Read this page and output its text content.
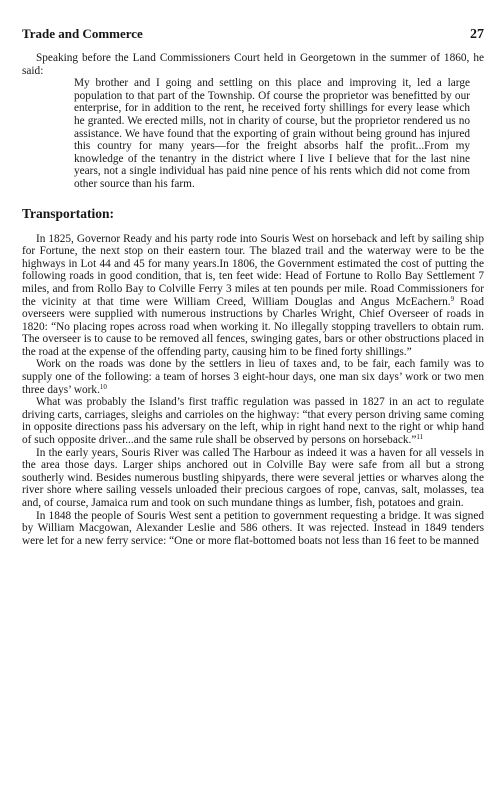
Trade and Commerce	27

Speaking before the Land Commissioners Court held in Georgetown in the summer of 1860, he said:

My brother and I going and settling on this place and improving it, led a large population to that part of the Township. Of course the proprietor was benefitted by our enterprise, for in addition to the rent, he received forty shillings for every lease which he granted. We erected mills, not in charity of course, but the proprietor rendered us no assistance. We have found that the exporting of grain without being ground has injured this country for many years—for the freight absorbs half the profit...From my knowledge of the tenantry in the district where I live I believe that for the last nine years, not a single individual has paid nine pence of his rents which did not come from other source than his farm.

Transportation:

In 1825, Governor Ready and his party rode into Souris West on horseback and left by sailing ship for Fortune, the next stop on their eastern tour. The blazed trail and the waterway were to be the highways in Lot 44 and 45 for many years.In 1806, the Government estimated the cost of putting the following roads in good condition, that is, ten feet wide: Head of Fortune to Rollo Bay Settlement 7 miles, and from Rollo Bay to Colville Ferry 3 miles at ten pounds per mile. Road Commissioners for the vicinity at that time were William Creed, William Douglas and Angus McEachern.$^9$ Road overseers were supplied with numerous instructions by Charles Wright, Chief Overseer of roads in 1820: “No placing ropes across road when working it. No illegally stopping travellers to obtain rum. The overseer is to cause to be removed all fences, swinging gates, bars or other obstructions placed in the road at the expense of the offending party, causing him to be fined forty shillings.”

Work on the roads was done by the settlers in lieu of taxes and, to be fair, each family was to supply one of the following: a team of horses 3 eight-hour days, one man six days’ work or two men three days’ work.$^{10}$

What was probably the Island’s first traffic regulation was passed in 1827 in an act to regulate driving carts, carriages, sleighs and carrioles on the highway: “that every person driving same coming in opposite directions pass his adversary on the left, whip in right hand next to the right or whip hand of such opposite driver...and the same rule shall be observed by persons on horseback.”$^{11}$

In the early years, Souris River was called The Harbour as indeed it was a haven for all vessels in the area those days. Larger ships anchored out in Colville Bay were safe from all but a strong southerly wind. Besides numerous bustling shipyards, there were several jetties or wharves along the river shore where sailing vessels unloaded their precious cargoes of rope, canvas, salt, molasses, tea and, of course, Jamaica rum and took on such mundane things as lumber, fish, potatoes and grain.

In 1848 the people of Souris West sent a petition to government requesting a bridge. It was signed by William Macgowan, Alexander Leslie and 586 others. It was rejected. Instead in 1849 tenders were let for a new ferry service: “One or more flat-bottomed boats not less than 16 feet to be manned
